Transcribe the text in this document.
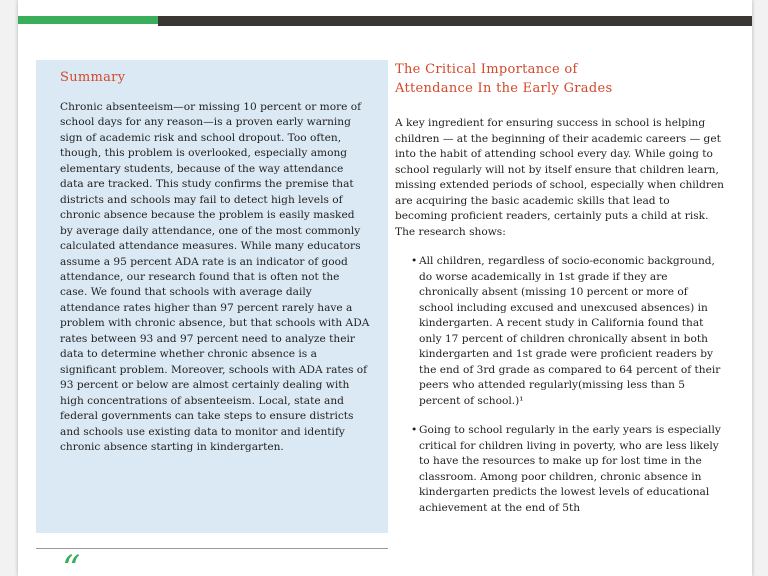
Summary

Chronic absenteeism—or missing 10 percent or more of school days for any reason—is a proven early warning sign of academic risk and school dropout. Too often, though, this problem is overlooked, especially among elementary students, because of the way attendance data are tracked. This study confirms the premise that districts and schools may fail to detect high levels of chronic absence because the problem is easily masked by average daily attendance, one of the most commonly calculated attendance measures. While many educators assume a 95 percent ADA rate is an indicator of good attendance, our research found that is often not the case. We found that schools with average daily attendance rates higher than 97 percent rarely have a problem with chronic absence, but that schools with ADA rates between 93 and 97 percent need to analyze their data to determine whether chronic absence is a significant problem. Moreover, schools with ADA rates of 93 percent or below are almost certainly dealing with high concentrations of absenteeism. Local, state and federal governments can take steps to ensure districts and schools use existing data to monitor and identify chronic absence starting in kindergarten.

“
The Critical Importance of
Attendance In the Early Grades

A key ingredient for ensuring success in school is helping children — at the beginning of their academic careers — get into the habit of attending school every day. While going to school regularly will not by itself ensure that children learn, missing extended periods of school, especially when children are acquiring the basic academic skills that lead to becoming proficient readers, certainly puts a child at risk. The research shows:

• All children, regardless of socio-economic background, do worse academically in 1st grade if they are chronically absent (missing 10 percent or more of school including excused and unexcused absences) in kindergarten. A recent study in California found that only 17 percent of children chronically absent in both kindergarten and 1st grade were proficient readers by the end of 3rd grade as compared to 64 percent of their peers who attended regularly(missing less than 5 percent of school.)¹
• Going to school regularly in the early years is especially critical for children living in poverty, who are less likely to have the resources to make up for lost time in the classroom. Among poor children, chronic absence in kindergarten predicts the lowest levels of educational achievement at the end of 5th
